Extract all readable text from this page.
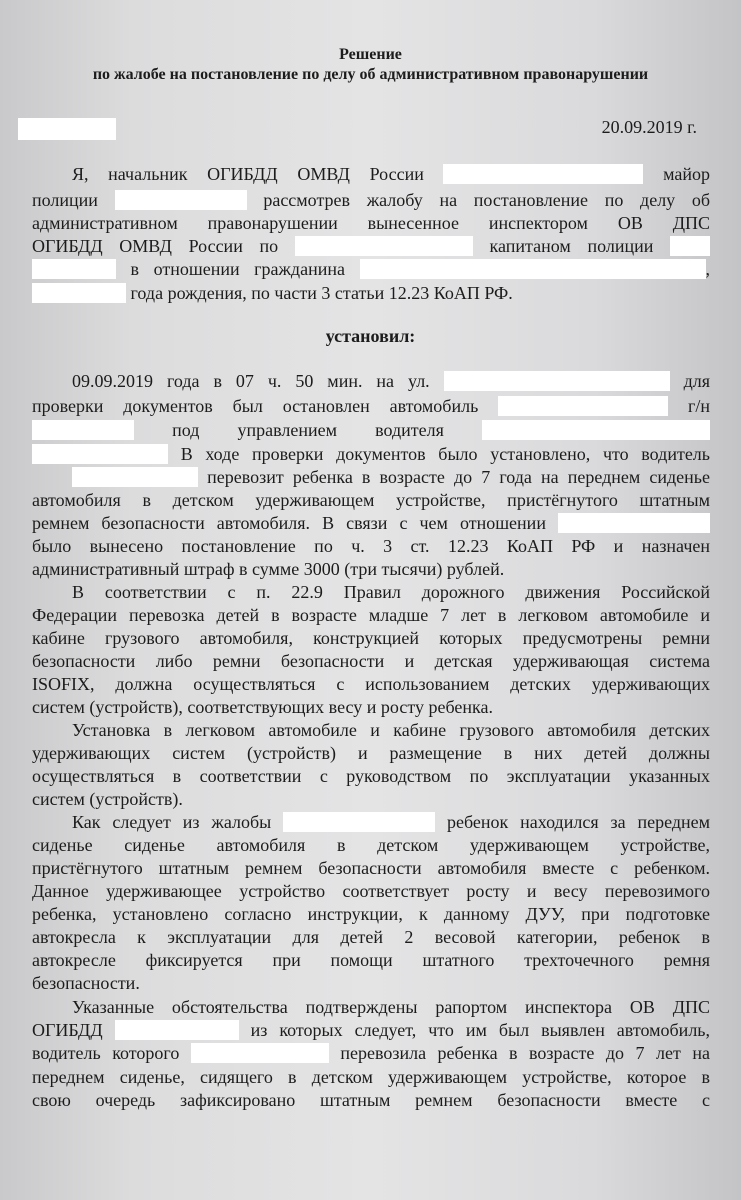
Решение
по жалобе на постановление по делу об административном правонарушении
20.09.2019 г.
Я, начальник ОГИБДД ОМВД России	майор
полиции	рассмотрев жалобу на постановление по делу об
административном правонарушении вынесенное инспектором ОВ ДПС
ОГИБДД ОМВД России по	капитаном полиции
в отношении гражданина	,
года рождения, по части 3 статьи 12.23 КоАП РФ.
установил:
09.09.2019 года в 07 ч. 50 мин. на ул.	для
проверки документов был остановлен автомобиль	г/н
под управлением водителя
В ходе проверки документов было установлено, что водитель
перевозит ребенка в возрасте до 7 года на переднем сиденье
автомобиля в детском удерживающем устройстве, пристёгнутого штатным
ремнем безопасности автомобиля. В связи с чем отношении
было вынесено постановление по ч. 3 ст. 12.23 КоАП РФ и назначен
административный штраф в сумме 3000 (три тысячи) рублей.
В соответствии с п. 22.9 Правил дорожного движения Российской
Федерации перевозка детей в возрасте младше 7 лет в легковом автомобиле и
кабине грузового автомобиля, конструкцией которых предусмотрены ремни
безопасности либо ремни безопасности и детская удерживающая система
ISOFIX, должна осуществляться с использованием детских удерживающих
систем (устройств), соответствующих весу и росту ребенка.
Установка в легковом автомобиле и кабине грузового автомобиля детских
удерживающих систем (устройств) и размещение в них детей должны
осуществляться в соответствии с руководством по эксплуатации указанных
систем (устройств).
Как следует из жалобы	ребенок находился за переднем
сиденье сиденье автомобиля в детском удерживающем устройстве,
пристёгнутого штатным ремнем безопасности автомобиля вместе с ребенком.
Данное удерживающее устройство соответствует росту и весу перевозимого
ребенка, установлено согласно инструкции, к данному ДУУ, при подготовке
автокресла к эксплуатации для детей 2 весовой категории, ребенок в
автокресле фиксируется при помощи штатного трехточечного ремня
безопасности.
Указанные обстоятельства подтверждены рапортом инспектора ОВ ДПС
ОГИБДД	из которых следует, что им был выявлен автомобиль,
водитель которого	перевозила ребенка в возрасте до 7 лет на
переднем сиденье, сидящего в детском удерживающем устройстве, которое в
свою очередь зафиксировано штатным ремнем безопасности вместе с
